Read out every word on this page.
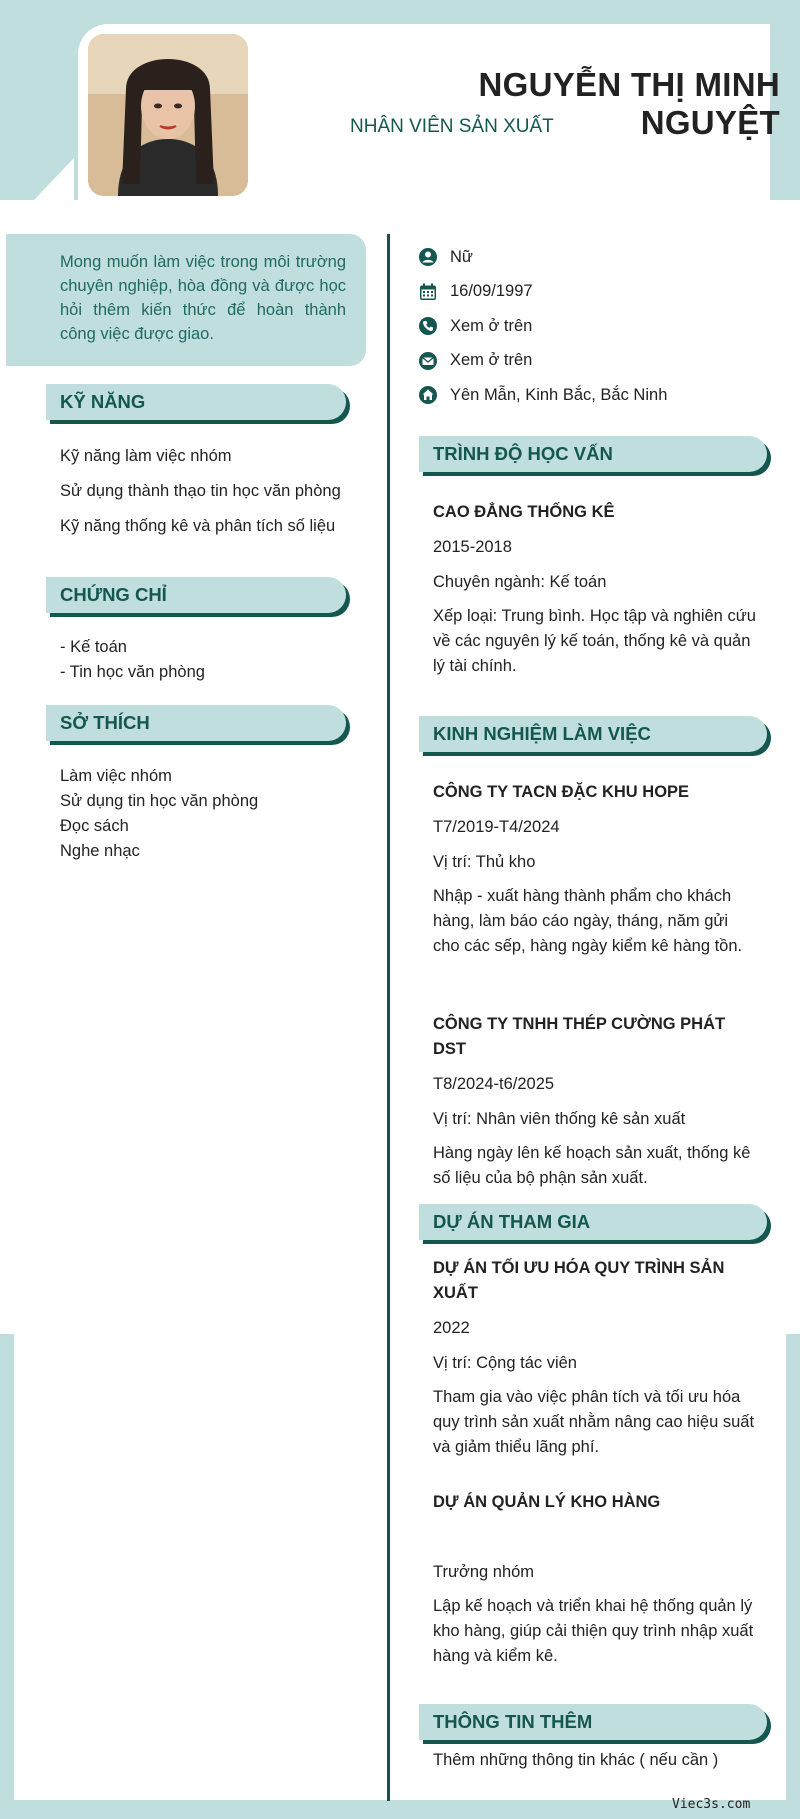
NGUYỄN THỊ MINH NGUYỆT
NHÂN VIÊN SẢN XUẤT

Mong muốn làm việc trong môi trường chuyên nghiệp, hòa đồng và được học hỏi thêm kiến thức để hoàn thành công việc được giao.

Nữ
16/09/1997
Xem ở trên
Xem ở trên
Yên Mẫn, Kinh Bắc, Bắc Ninh
KỸ NĂNG
Kỹ năng làm việc nhóm
Sử dụng thành thạo tin học văn phòng
Kỹ năng thống kê và phân tích số liệu
CHỨNG CHỈ
- Kế toán
- Tin học văn phòng
SỞ THÍCH
Làm việc nhóm
Sử dụng tin học văn phòng
Đọc sách
Nghe nhạc
TRÌNH ĐỘ HỌC VẤN
CAO ĐẲNG THỐNG KÊ
2015-2018
Chuyên ngành: Kế toán
Xếp loại: Trung bình. Học tập và nghiên cứu về các nguyên lý kế toán, thống kê và quản lý tài chính.
KINH NGHIỆM LÀM VIỆC
CÔNG TY TACN ĐẶC KHU HOPE
T7/2019-T4/2024
Vị trí: Thủ kho
Nhập - xuất hàng thành phẩm cho khách hàng, làm báo cáo ngày, tháng, năm gửi cho các sếp, hàng ngày kiểm kê hàng tồn.
CÔNG TY TNHH THÉP CƯỜNG PHÁT DST
T8/2024-t6/2025
Vị trí: Nhân viên thống kê sản xuất
Hàng ngày lên kế hoạch sản xuất, thống kê số liệu của bộ phận sản xuất.
DỰ ÁN THAM GIA
DỰ ÁN TỐI ƯU HÓA QUY TRÌNH SẢN XUẤT
2022
Vị trí: Cộng tác viên
Tham gia vào việc phân tích và tối ưu hóa quy trình sản xuất nhằm nâng cao hiệu suất và giảm thiểu lãng phí.
DỰ ÁN QUẢN LÝ KHO HÀNG
Trưởng nhóm
Lập kế hoạch và triển khai hệ thống quản lý kho hàng, giúp cải thiện quy trình nhập xuất hàng và kiểm kê.
THÔNG TIN THÊM
Thêm những thông tin khác ( nếu cần )
Viec3s.com
